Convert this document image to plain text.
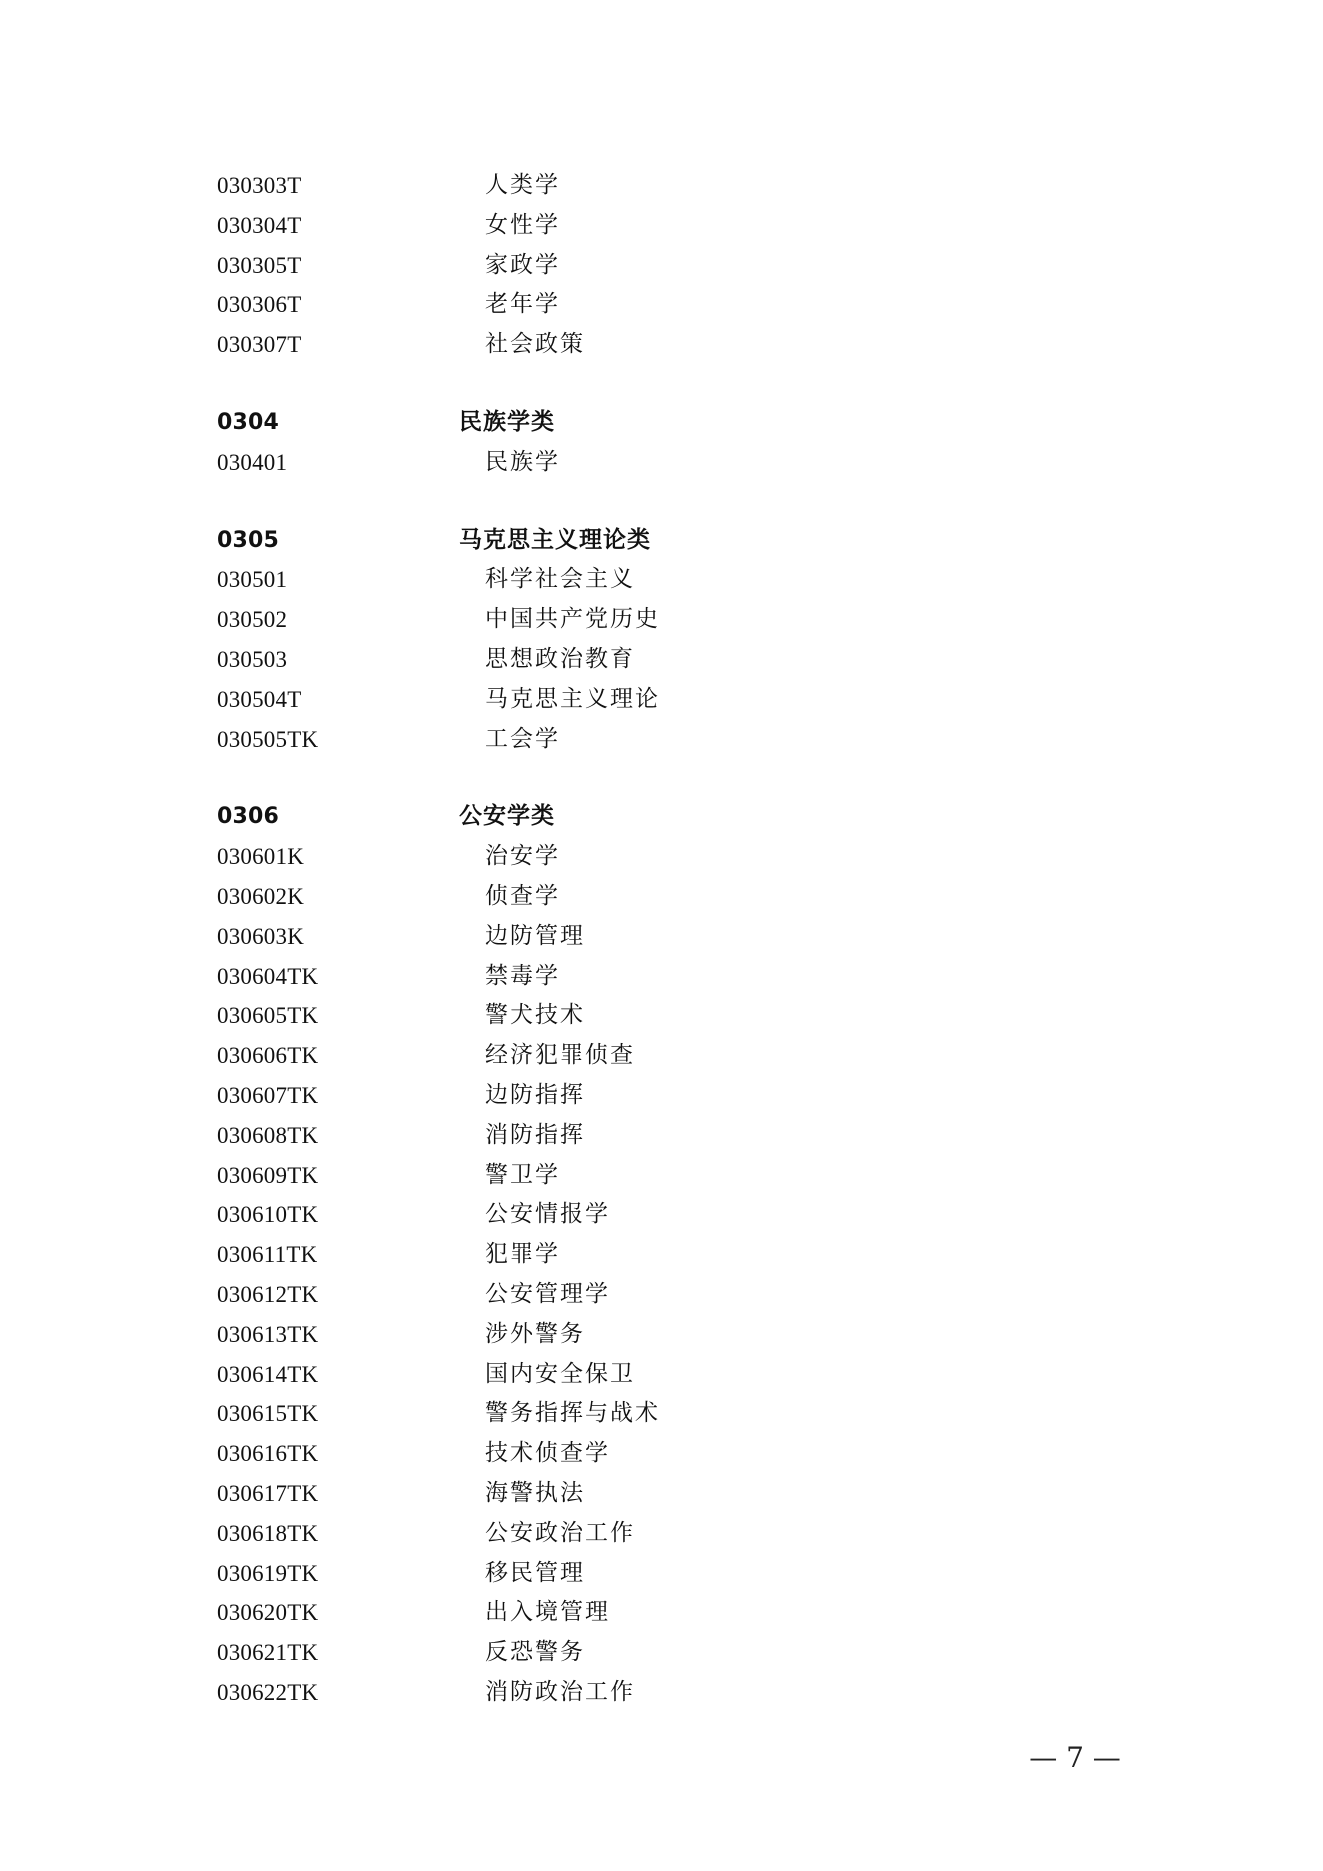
030303T	人类学
030304T	女性学
030305T	家政学
030306T	老年学
030307T	社会政策
0304	民族学类
030401	民族学
0305	马克思主义理论类
030501	科学社会主义
030502	中国共产党历史
030503	思想政治教育
030504T	马克思主义理论
030505TK	工会学
0306	公安学类
030601K	治安学
030602K	侦查学
030603K	边防管理
030604TK	禁毒学
030605TK	警犬技术
030606TK	经济犯罪侦查
030607TK	边防指挥
030608TK	消防指挥
030609TK	警卫学
030610TK	公安情报学
030611TK	犯罪学
030612TK	公安管理学
030613TK	涉外警务
030614TK	国内安全保卫
030615TK	警务指挥与战术
030616TK	技术侦查学
030617TK	海警执法
030618TK	公安政治工作
030619TK	移民管理
030620TK	出入境管理
030621TK	反恐警务
030622TK	消防政治工作
— 7 —
